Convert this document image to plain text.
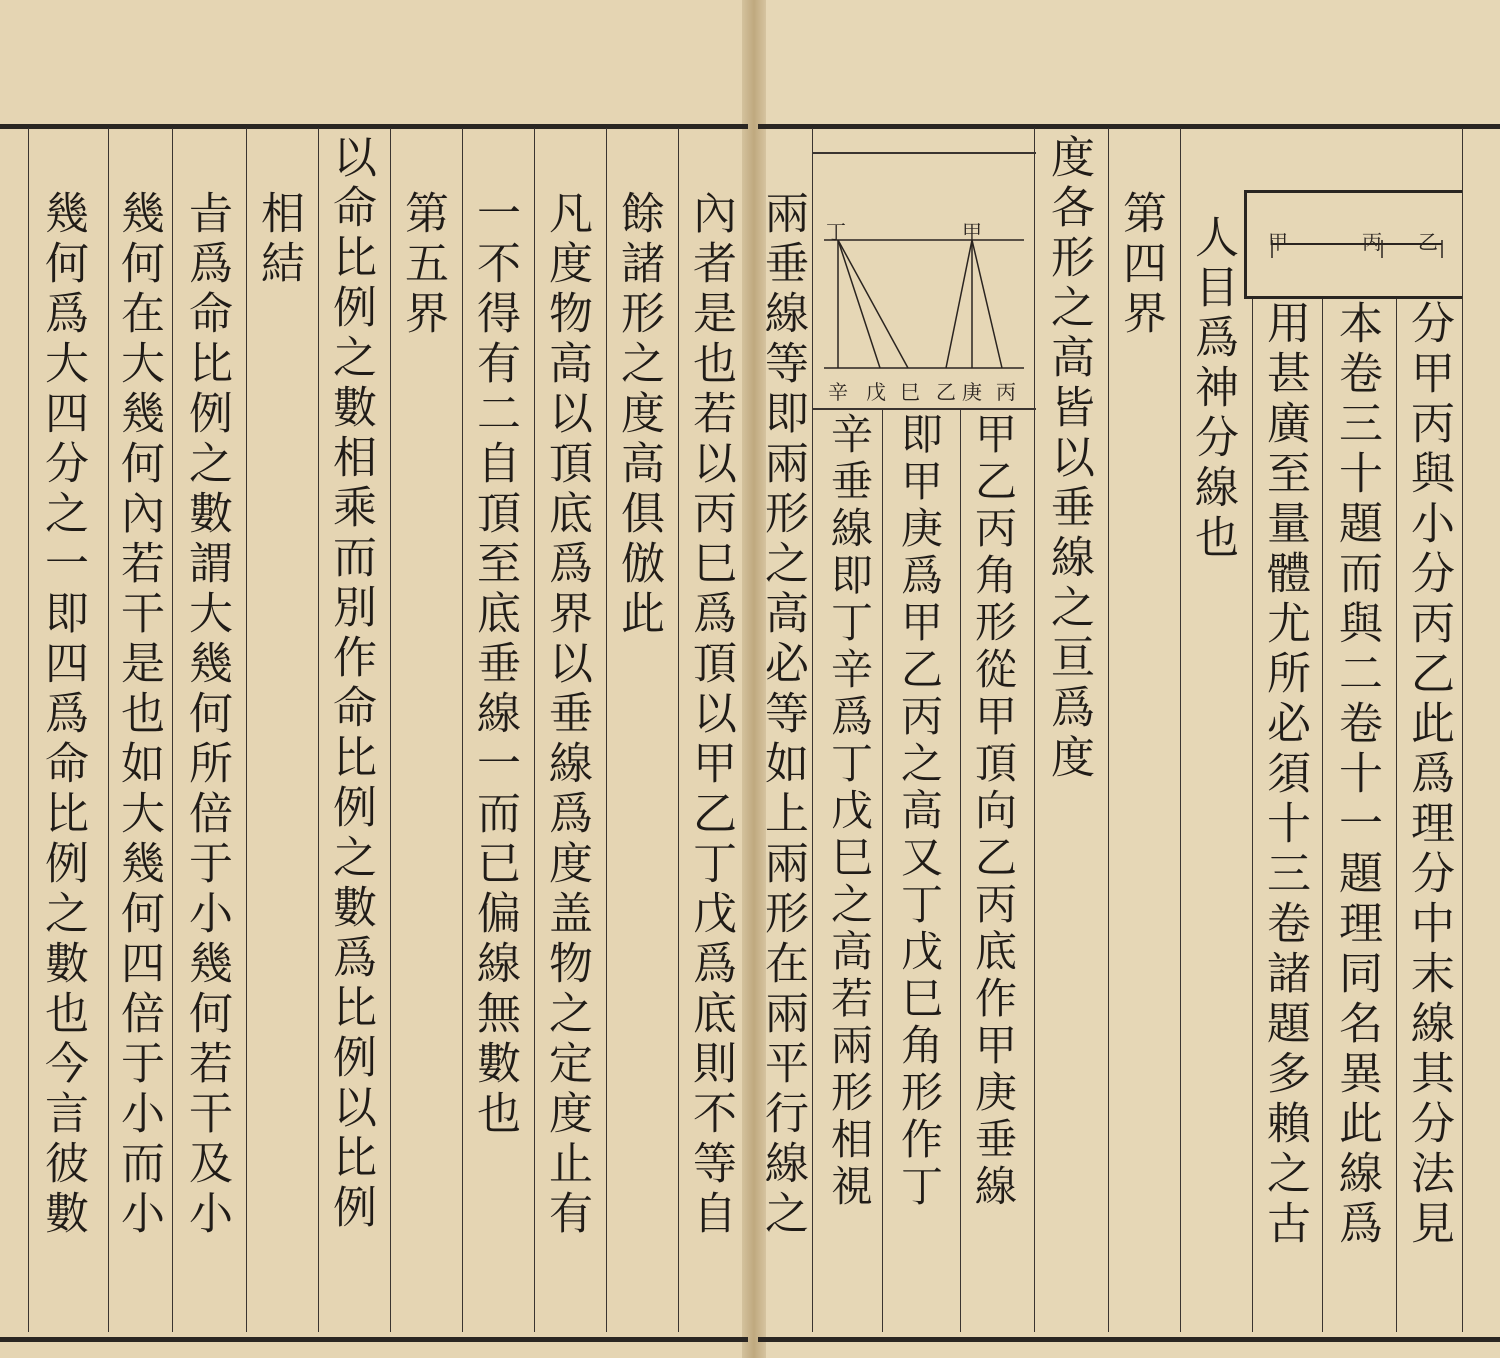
甲	丙 乙
丁	甲
辛 戊 巳 乙 庚 丙
內者是也若以丙巳爲頂以甲乙丁戊爲底則不等自
餘諸形之度高俱倣此
凡度物高以頂底爲界以垂線爲度盖物之定度止有
一不得有二自頂至底垂線一而已偏線無數也
第五界
以命比例之數相乘而別作命比例之數爲比例以比例
相結
㫖爲命比例之數謂大幾何所倍于小幾何若干及小
幾何在大幾何內若干是也如大幾何四倍于小而小
幾何爲大四分之一即四爲命比例之數也今言彼數	分甲丙與小分丙乙此爲理分中末線其分法見
本卷三十題而與二卷十一題理同名異此線爲
用甚廣至量體尤所必須十三卷諸題多賴之古
人目爲神分線也
第四界
度各形之高皆以垂線之亘爲度
甲乙丙角形從甲頂向乙丙底作甲庚垂線
即甲庚爲甲乙丙之高又丁戊巳角形作丁
辛垂線即丁辛爲丁戊巳之高若兩形相視
兩垂線等即兩形之高必等如上兩形在兩平行線之
